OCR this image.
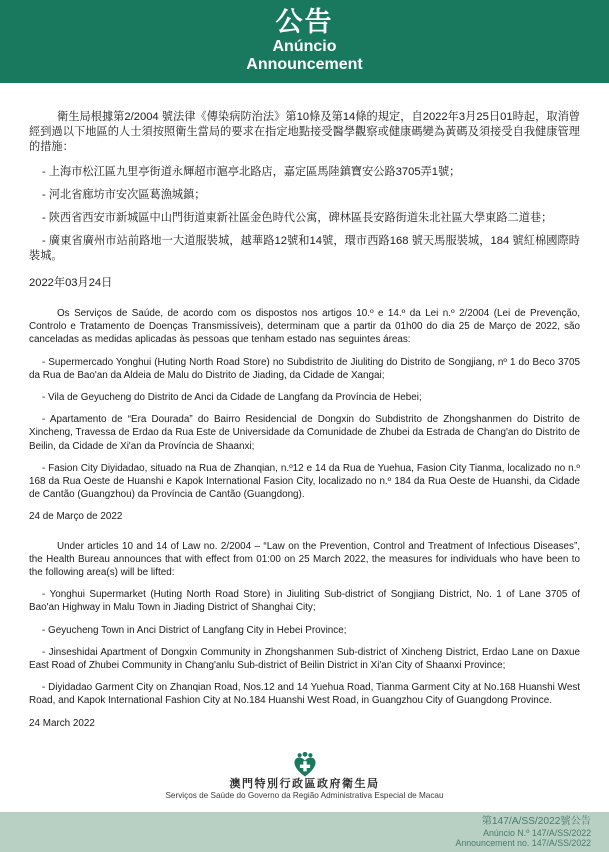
公告
Anúncio
Announcement

衛生局根據第2/2004 號法律《傳染病防治法》第10條及第14條的規定，自2022年3月25日01時起，取消曾經到過以下地區的人士須按照衛生當局的要求在指定地點接受醫學觀察或健康碼變為黃碼及須接受自我健康管理的措施：

- 上海市松江區九里亭街道永輝超市滬亭北路店，嘉定區馬陸鎮寶安公路3705弄1號；

- 河北省廊坊市安次區葛漁城鎮；

- 陝西省西安市新城區中山門街道東新社區金色時代公寓，碑林區長安路街道朱北社區大學東路二道巷；

- 廣東省廣州市站前路地一大道服裝城，越華路12號和14號，環市西路168 號天馬服裝城，184 號紅棉國際時裝城。

2022年03月24日

Os Serviços de Saúde, de acordo com os dispostos nos artigos 10.º e 14.º da Lei n.º 2/2004 (Lei de Prevenção, Controlo e Tratamento de Doenças Transmissíveis), determinam que a partir da 01h00 do dia 25 de Março de 2022, são canceladas as medidas aplicadas às pessoas que tenham estado nas seguintes áreas:

- Supermercado Yonghui (Huting North Road Store) no Subdistrito de Jiuliting do Distrito de Songjiang, nº 1 do Beco 3705 da Rua de Bao'an da Aldeia de Malu do Distrito de Jiading, da Cidade de Xangai;

- Vila de Geyucheng do Distrito de Anci da Cidade de Langfang da Província de Hebei;

- Apartamento de “Era Dourada” do Bairro Residencial de Dongxin do Subdistrito de Zhongshanmen do Distrito de Xincheng, Travessa de Erdao da Rua Este de Universidade da Comunidade de Zhubei da Estrada de Chang'an do Distrito de Beilin, da Cidade de Xi'an da Província de Shaanxi;

- Fasion City Diyidadao, situado na Rua de Zhanqian, n.º12 e 14 da Rua de Yuehua, Fasion City Tianma, localizado no n.º 168 da Rua Oeste de Huanshi e Kapok International Fasion City, localizado no n.º 184 da Rua Oeste de Huanshi, da Cidade de Cantão (Guangzhou) da Província de Cantão (Guangdong).

24 de Março de 2022

Under articles 10 and 14 of Law no. 2/2004 – “Law on the Prevention, Control and Treatment of Infectious Diseases”, the Health Bureau announces that with effect from 01:00 on 25 March 2022, the measures for individuals who have been to the following area(s) will be lifted:

- Yonghui Supermarket (Huting North Road Store) in Jiuliting Sub-district of Songjiang District, No. 1 of Lane 3705 of Bao'an Highway in Malu Town in Jiading District of Shanghai City;

- Geyucheng Town in Anci District of Langfang City in Hebei Province;

- Jinseshidai Apartment of Dongxin Community in Zhongshanmen Sub-district of Xincheng District, Erdao Lane on Daxue East Road of Zhubei Community in Chang'anlu Sub-district of Beilin District in Xi'an City of Shaanxi Province;

- Diyidadao Garment City on Zhanqian Road, Nos.12 and 14 Yuehua Road, Tianma Garment City at No.168 Huanshi West Road, and Kapok International Fashion City at No.184 Huanshi West Road, in Guangzhou City of Guangdong Province.

24 March 2022

澳門特別行政區政府衛生局
Serviços de Saúde do Governo da Região Administrativa Especial de Macau
第147/A/SS/2022號公告
Anúncio N.º 147/A/SS/2022
Announcement no. 147/A/SS/2022
